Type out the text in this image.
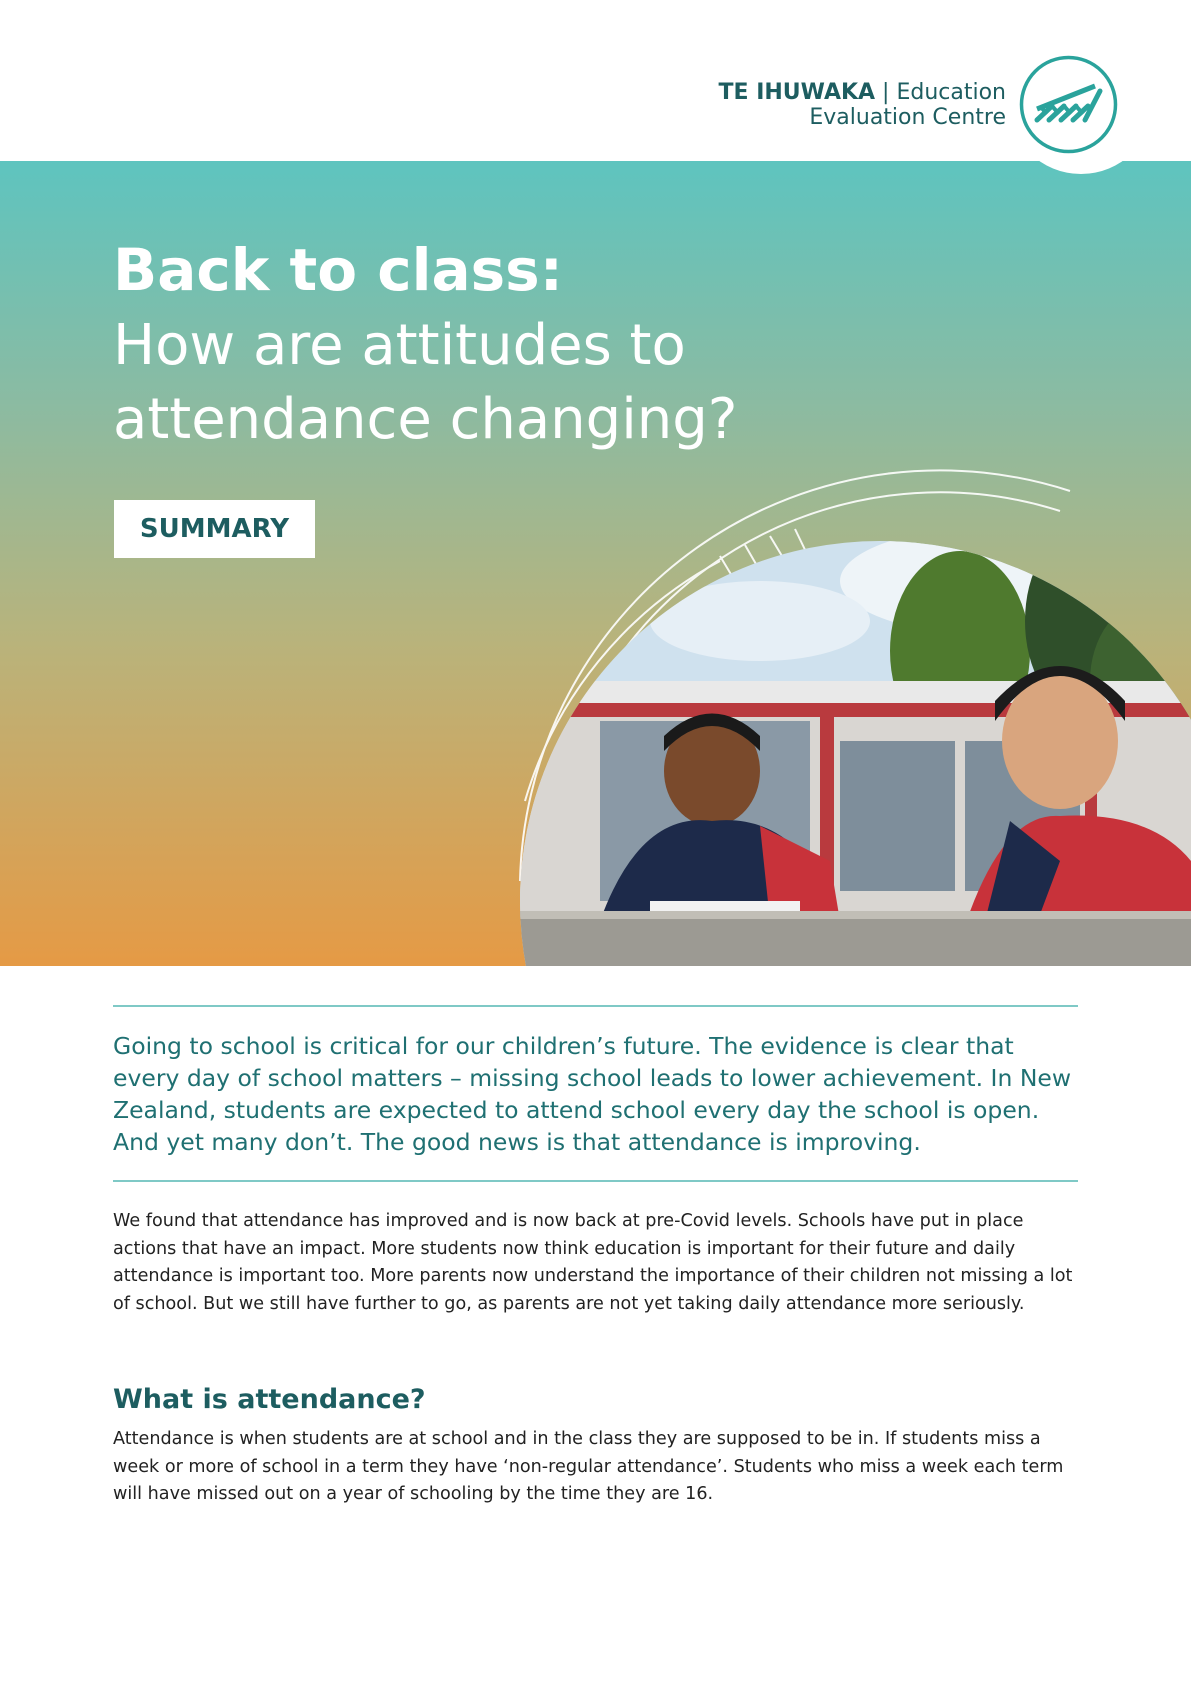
TE IHUWAKA | Education
Evaluation Centre
Back to class:
How are attitudes to attendance changing?
SUMMARY

Going to school is critical for our children’s future. The evidence is clear that every day of school matters – missing school leads to lower achievement. In New Zealand, students are expected to attend school every day the school is open. And yet many don’t. The good news is that attendance is improving.

We found that attendance has improved and is now back at pre-Covid levels. Schools have put in place actions that have an impact. More students now think education is important for their future and daily attendance is important too. More parents now understand the importance of their children not missing a lot of school. But we still have further to go, as parents are not yet taking daily attendance more seriously.

What is attendance?

Attendance is when students are at school and in the class they are supposed to be in. If students miss a week or more of school in a term they have ‘non-regular attendance’. Students who miss a week each term will have missed out on a year of schooling by the time they are 16.
